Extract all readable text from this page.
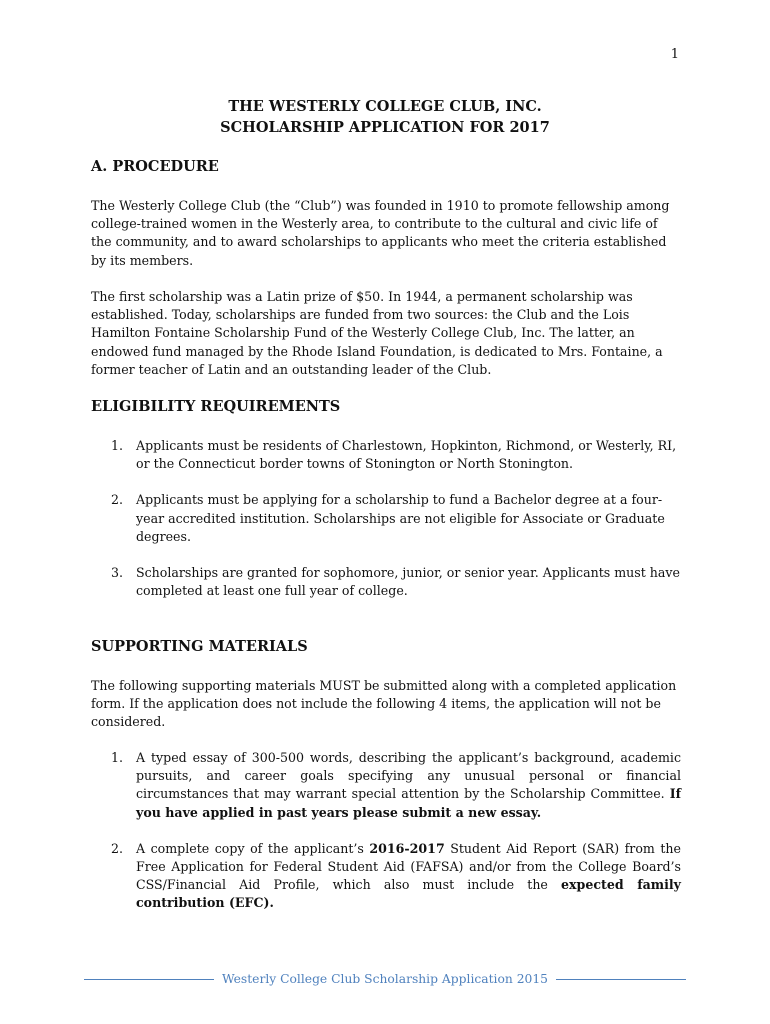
1
THE WESTERLY COLLEGE CLUB, INC.
SCHOLARSHIP APPLICATION FOR 2017
A. PROCEDURE

The Westerly College Club (the “Club”) was founded in 1910 to promote fellowship among college-trained women in the Westerly area, to contribute to the cultural and civic life of the community, and to award scholarships to applicants who meet the criteria established by its members.

The first scholarship was a Latin prize of $50. In 1944, a permanent scholarship was established. Today, scholarships are funded from two sources: the Club and the Lois Hamilton Fontaine Scholarship Fund of the Westerly College Club, Inc. The latter, an endowed fund managed by the Rhode Island Foundation, is dedicated to Mrs. Fontaine, a former teacher of Latin and an outstanding leader of the Club.

ELIGIBILITY REQUIREMENTS
1. Applicants must be residents of Charlestown, Hopkinton, Richmond, or Westerly, RI, or the Connecticut border towns of Stonington or North Stonington.
2. Applicants must be applying for a scholarship to fund a Bachelor degree at a four-year accredited institution. Scholarships are not eligible for Associate or Graduate degrees.
3. Scholarships are granted for sophomore, junior, or senior year. Applicants must have completed at least one full year of college.
SUPPORTING MATERIALS

The following supporting materials MUST be submitted along with a completed application form. If the application does not include the following 4 items, the application will not be considered.

1. A typed essay of 300-500 words, describing the applicant’s background, academic pursuits, and career goals specifying any unusual personal or financial circumstances that may warrant special attention by the Scholarship Committee. If you have applied in past years please submit a new essay.
2. A complete copy of the applicant’s 2016-2017 Student Aid Report (SAR) from the Free Application for Federal Student Aid (FAFSA) and/or from the College Board’s CSS/Financial Aid Profile, which also must include the expected family contribution (EFC).
Westerly College Club Scholarship Application 2015
